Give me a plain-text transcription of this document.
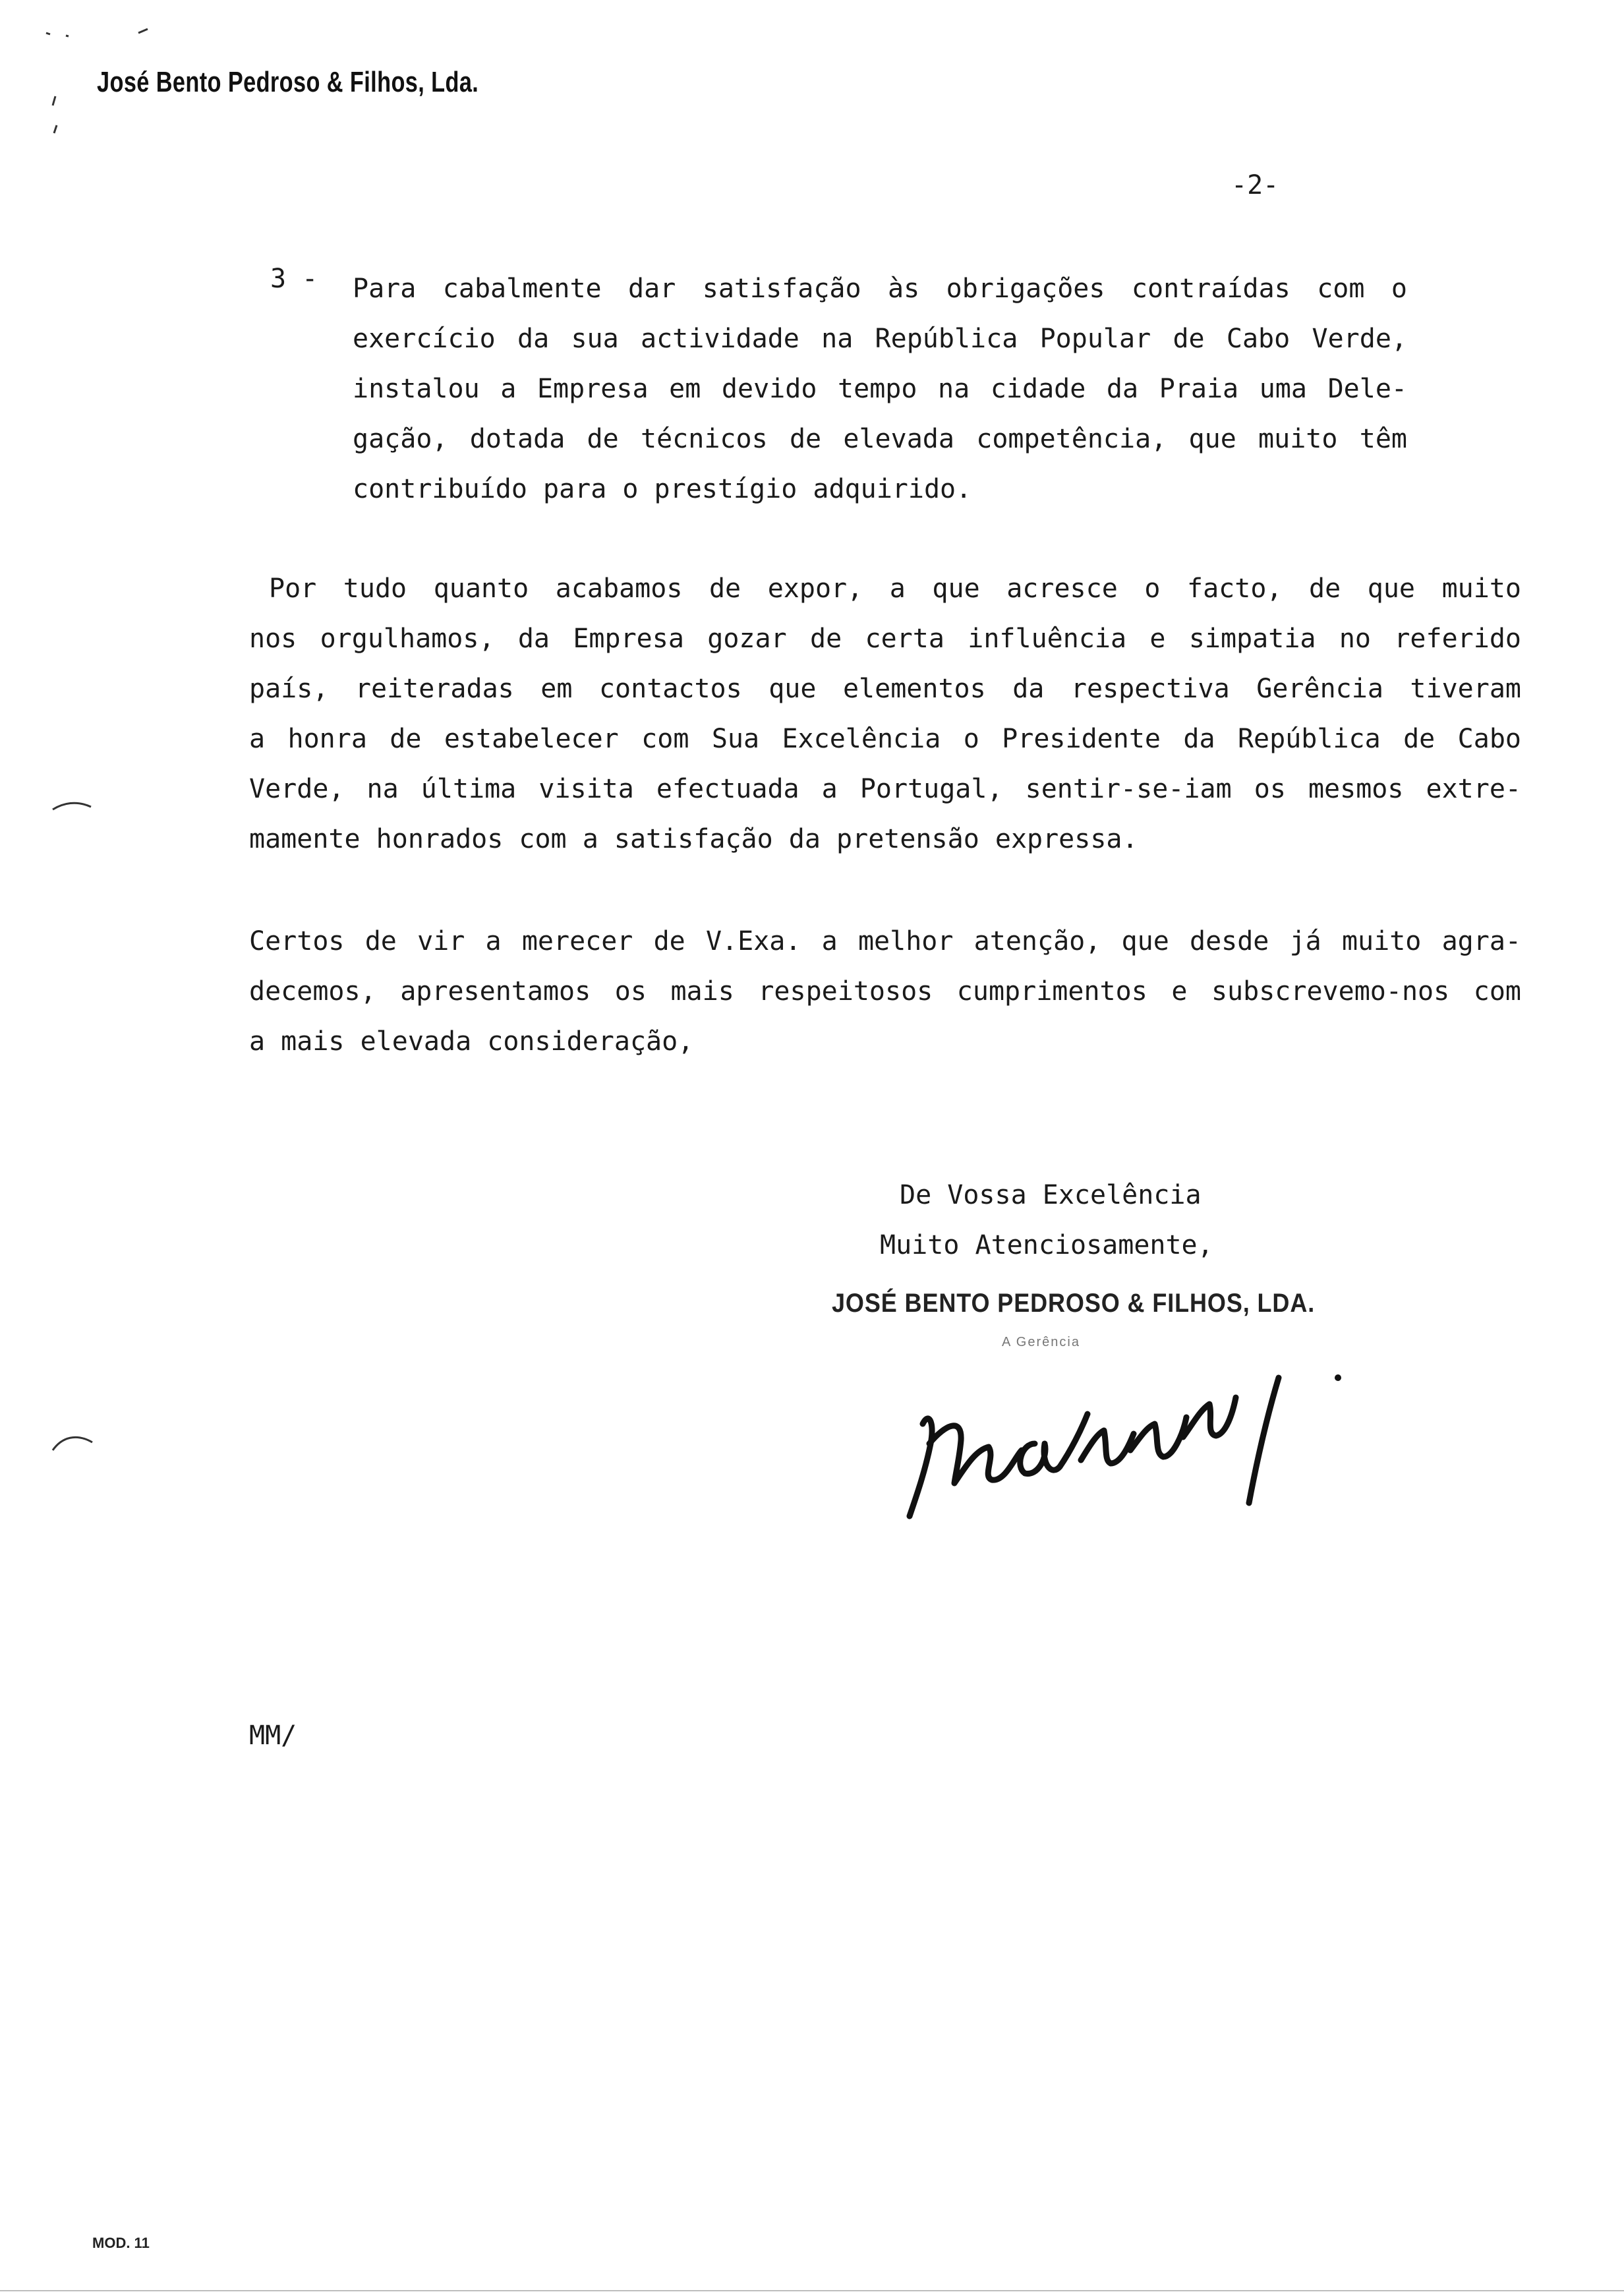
José Bento Pedroso & Filhos, Lda.
-2-
3 - Para cabalmente dar satisfação às obrigações contraídas com o
exercício da sua actividade na República Popular de Cabo Verde,
instalou a Empresa em devido tempo na cidade da Praia uma Dele-
gação, dotada de técnicos de elevada competência, que muito têm
contribuído para o prestígio adquirido.
Por tudo quanto acabamos de expor, a que acresce o facto, de que muito
nos orgulhamos, da Empresa gozar de certa influência e simpatia no referido
país, reiteradas em contactos que elementos da respectiva Gerência tiveram
a honra de estabelecer com Sua Excelência o Presidente da República de Cabo
Verde, na última visita efectuada a Portugal, sentir-se-iam os mesmos extre-
mamente honrados com a satisfação da pretensão expressa.
Certos de vir a merecer de V.Exa. a melhor atenção, que desde já muito agra-
decemos, apresentamos os mais respeitosos cumprimentos e subscrevemo-nos com
a mais elevada consideração,
De Vossa Excelência
Muito Atenciosamente,
JOSÉ BENTO PEDROSO & FILHOS, LDA.
A Gerência
MM/
MOD. 11
